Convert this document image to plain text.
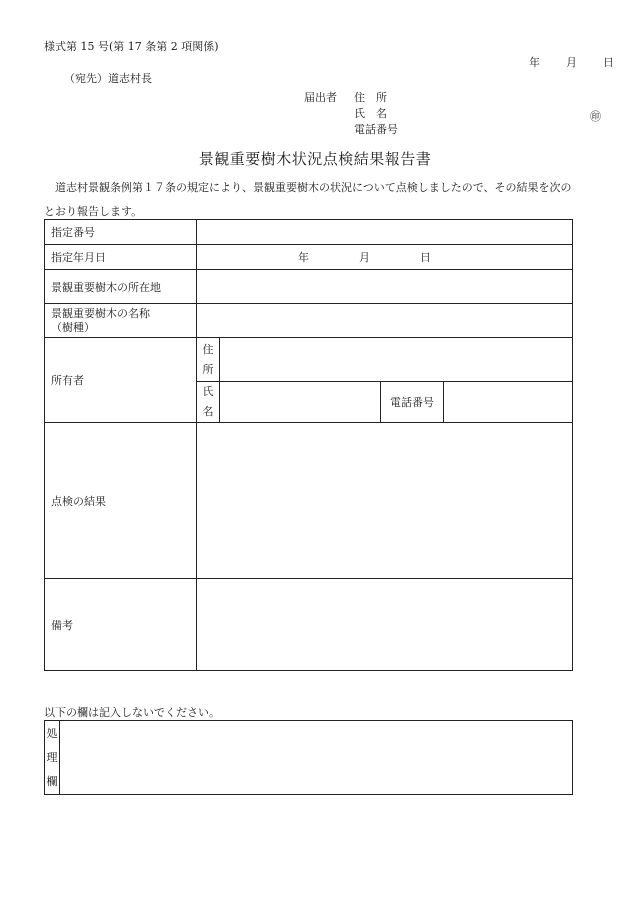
様式第 15 号(第 17 条第 2 項関係)
年 月 日
（宛先）道志村長
届出者	住　所
氏　名
電話番号
㊞
景観重要樹木状況点検結果報告書
　道志村景観条例第１７条の規定により、景観重要樹木の状況について点検しましたので、その結果を次のとおり報告します。
指定番号				
指定年月日	年 月 日			
景観重要樹木の所在地				

景観重要樹木の名称
（樹種）				

所有者	住
所			

	氏
名		電話番号	
点検の結果				
備考				
以下の欄は記入しないでください。
処
理
欄
